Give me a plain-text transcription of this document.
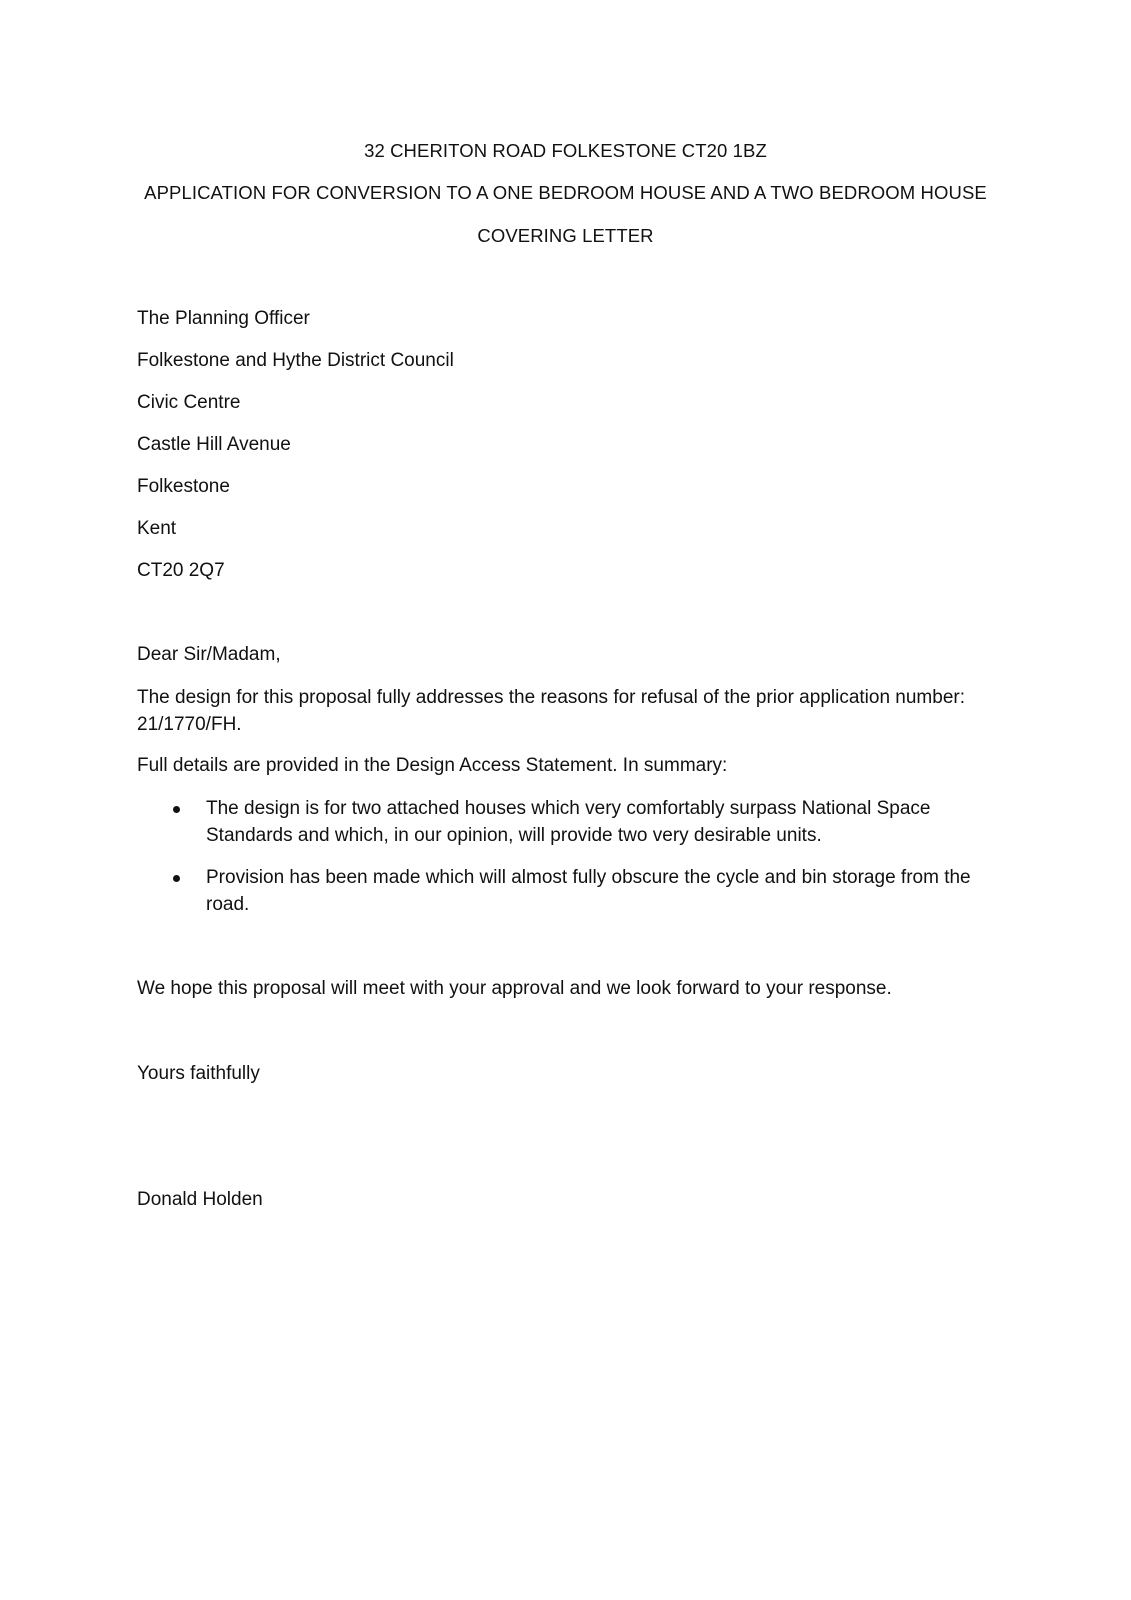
32 CHERITON ROAD FOLKESTONE CT20 1BZ
APPLICATION FOR CONVERSION TO A ONE BEDROOM HOUSE AND A TWO BEDROOM HOUSE
COVERING LETTER
The Planning Officer
Folkestone and Hythe District Council
Civic Centre
Castle Hill Avenue
Folkestone
Kent
CT20 2Q7
Dear Sir/Madam,
The design for this proposal fully addresses the reasons for refusal of the prior application number: 21/1770/FH.
Full details are provided in the Design Access Statement. In summary:
The design is for two attached houses which very comfortably surpass National Space Standards and which, in our opinion, will provide two very desirable units.
Provision has been made which will almost fully obscure the cycle and bin storage from the road.
We hope this proposal will meet with your approval and we look forward to your response.
Yours faithfully
Donald Holden
